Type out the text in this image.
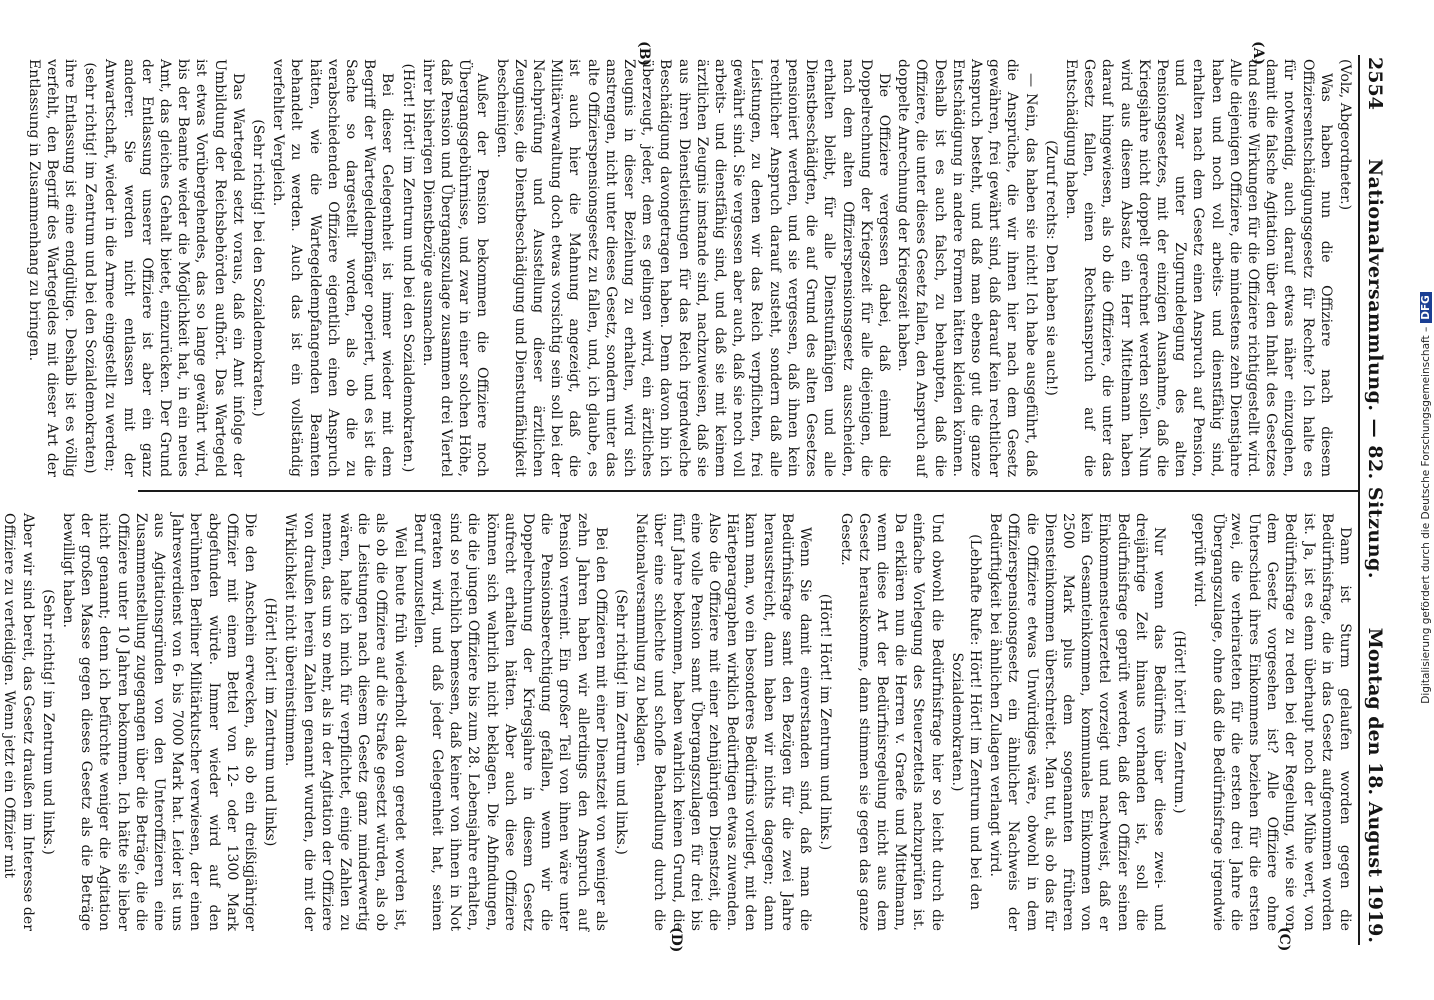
2554
Nationalversammlung. — 82. Sitzung.
Montag den 18. August 1919.
(A)
(B)
(C)
(D)

(Volz, Abgeordneter.)

Was haben nun die Offiziere nach diesem Offiziersentschädigungsgesetz für Rechte? Ich halte es für notwendig, auch darauf etwas näher einzugehen, damit die falsche Agitation über den Inhalt des Gesetzes und seine Wirkungen für die Offiziere richtiggestellt wird. Alle diejenigen Offiziere, die mindestens zehn Dienstjahre haben und noch voll arbeits- und dienstfähig sind, erhalten nach dem Gesetz einen Anspruch auf Pension, und zwar unter Zugrundelegung des alten Pensionsgesetzes, mit der einzigen Ausnahme, daß die Kriegsjahre nicht doppelt gerechnet werden sollen. Nun wird aus diesem Absatz ein Herr Mittelmann haben darauf hingewiesen, als ob die Offiziere, die unter das Gesetz fallen, einen Rechtsanspruch auf die Entschädigung haben.

(Zuruf rechts: Den haben sie auch!)

— Nein, das haben sie nicht! Ich habe ausgeführt, daß die Ansprüche, die wir ihnen hier nach dem Gesetz gewähren, frei gewährt sind, daß darauf kein rechtlicher Anspruch besteht, und daß man ebenso gut die ganze Entschädigung in andere Formen hätten kleiden können. Deshalb ist es auch falsch, zu behaupten, daß die Offiziere, die unter dieses Gesetz fallen, den Anspruch auf doppelte Anrechnung der Kriegszeit haben.

Die Offiziere vergessen dabei, daß einmal die Doppelrechnung der Kriegszeit für alle diejenigen, die nach dem alten Offizierspensionsgesetz ausscheiden, erhalten bleibt, für alle Dienstunfähigen und alle Dienstbeschädigten, die auf Grund des alten Gesetzes pensioniert werden, und sie vergessen, daß ihnen kein rechtlicher Anspruch darauf zusteht, sondern daß alle Leistungen, zu denen wir das Reich verpflichten, frei gewährt sind. Sie vergessen aber auch, daß sie noch voll arbeits- und dienstfähig sind, und daß sie mit keinem ärztlichen Zeugnis imstande sind, nachzuweisen, daß sie aus ihren Dienstleistungen für das Reich irgendwelche Beschädigung davongetragen haben. Denn davon bin ich überzeugt, jeder, dem es gelingen wird, ein ärztliches Zeugnis in dieser Beziehung zu erhalten, wird sich anstrengen, nicht unter dieses Gesetz, sondern unter das alte Offizierspensionsgesetz zu fallen, und, ich glaube, es ist auch hier die Mahnung angezeigt, daß die Militärverwaltung doch etwas vorsichtig sein soll bei der Nachprüfung und Ausstellung dieser ärztlichen Zeugnisse, die Dienstbeschädigung und Dienstunfähigkeit bescheinigen.

Außer der Pension bekommen die Offiziere noch Übergangsgebührnisse, und zwar in einer solchen Höhe, daß Pension und Übergangszulage zusammen drei Viertel ihrer bisherigen Dienstbezüge ausmachen.

(Hört! Hört! im Zentrum und bei den Sozialdemokraten.)

Bei dieser Gelegenheit ist immer wieder mit dem Begriff der Wartegeldempfänger operiert, und es ist die Sache so dargestellt worden, als ob die zu verabschiedenden Offiziere eigentlich einen Anspruch hätten, wie die Wartegeldempfangenden Beamten behandelt zu werden. Auch das ist ein vollständig verfehlter Vergleich.

(Sehr richtig! bei den Sozialdemokraten.)

Das Wartegeld setzt voraus, daß ein Amt infolge der Umbildung der Reichsbehörden aufhört. Das Wartegeld ist etwas Vorübergehendes, das so lange gewährt wird, bis der Beamte wieder die Möglichkeit hat, in ein neues Amt, das gleiches Gehalt bietet, einzurücken. Der Grund der Entlassung unserer Offiziere ist aber ein ganz anderer. Sie werden nicht entlassen mit der Anwartschaft, wieder in die Armee eingestellt zu werden;

(sehr richtig! im Zentrum und bei den Sozialdemokraten)

ihre Entlassung ist eine endgültige. Deshalb ist es völlig verfehlt, den Begriff des Wartegeldes mit dieser Art der Entlassung in Zusammenhang zu bringen.

Dann ist Sturm gelaufen worden gegen die Bedürfnisfrage, die in das Gesetz aufgenommen worden ist. Ja, ist es denn überhaupt noch der Mühe wert, von Bedürfnisfrage zu reden bei der Regelung, wie sie von dem Gesetz vorgesehen ist? Alle Offiziere ohne Unterschied ihres Einkommens beziehen für die ersten zwei, die verheirateten für die ersten drei Jahre die Übergangszulage, ohne daß die Bedürfnisfrage irgendwie geprüft wird.

(Hört! hört! im Zentrum.)

Nur wenn das Bedürfnis über diese zwei- und dreijährige Zeit hinaus vorhanden ist, soll die Bedürfnisfrage geprüft werden, daß der Offizier seinen Einkommensteuerzettel vorzeigt und nachweist, daß er kein Gesamteinkommen, kommunales Einkommen von 2500 Mark plus dem sogenannten früheren Diensteinkommen überschreitet. Man tut, als ob das für die Offiziere etwas Unwürdiges wäre, obwohl in dem Offizierspensionsgesetz ein ähnlicher Nachweis der Bedürftigkeit bei ähnlichen Zulagen verlangt wird.

(Lebhafte Rufe: Hört! Hört! im Zentrum und bei den Sozialdemokraten.)

Und obwohl die Bedürfnisfrage hier so leicht durch die einfache Vorlegung des Steuerzettels nachzuprüfen ist. Da erklären nun die Herren v. Graefe und Mittelmann, wenn diese Art der Bedürfnisregelung nicht aus dem Gesetz herauskomme, dann stimmen sie gegen das ganze Gesetz.

(Hört! Hört! im Zentrum und links.)

Wenn Sie damit einverstanden sind, daß man die Bedürfnisfrage samt den Bezügen für die zwei Jahre herausstreicht, dann haben wir nichts dagegen; dann kann man, wo ein besonderes Bedürfnis vorliegt, mit den Härteparagraphen wirklich Bedürftigen etwas zuwenden. Also die Offiziere mit einer zehnjährigen Dienstzeit, die eine volle Pension samt Übergangszulagen für drei bis fünf Jahre bekommen, haben wahrlich keinen Grund, die über eine schlechte und schofle Behandlung durch die Nationalversammlung zu beklagen.

(Sehr richtig! im Zentrum und links.)

Bei den Offizieren mit einer Dienstzeit von weniger als zehn Jahren haben wir allerdings den Anspruch auf Pension verneint. Ein großer Teil von ihnen wäre unter die Pensionsberechtigung gefallen, wenn wir die Doppelrechnung der Kriegsjahre in diesem Gesetz aufrecht erhalten hätten. Aber auch diese Offiziere können sich wahrlich nicht beklagen. Die Abfindungen, die die jungen Offiziere bis zum 28. Lebensjahre erhalten, sind so reichlich bemessen, daß keiner von ihnen in Not geraten wird, und daß jeder Gelegenheit hat, seinen Beruf umzustellen.

Weil heute früh wiederholt davon geredet worden ist, als ob die Offiziere auf die Straße gesetzt würden, als ob die Leistungen nach diesem Gesetz ganz minderwertig wären, halte ich mich für verpflichtet, einige Zahlen zu nennen, das um so mehr, als in der Agitation der Offiziere von draußen herein Zahlen genannt wurden, die mit der Wirklichkeit nicht übereinstimmen.

(Hört! hört! im Zentrum und links)

Die den Anschein erwecken, als ob ein dreißigjähriger Offizier mit einem Bettel von 12- oder 1300 Mark abgefunden würde. Immer wieder wird auf den berühmten Berliner Militärkutscher verwiesen, der einen Jahresverdienst von 6- bis 7000 Mark hat. Leider ist uns aus Agitationsgründen von den Unteroffizieren eine Zusammenstellung zugegangen über die Beträge, die die Offiziere unter 10 Jahren bekommen. Ich hätte sie lieber nicht genannt; denn ich befürchte weniger die Agitation der großen Masse gegen dieses Gesetz als die Beträge bewilligt haben.

(Sehr richtig! im Zentrum und links.)

Aber wir sind bereit, das Gesetz draußen im Interesse der Offiziere zu verteidigen. Wenn jetzt ein Offizier mit	Digitalisierung gefördert durch die Deutsche Forschungsgemeinschaft –DFG
